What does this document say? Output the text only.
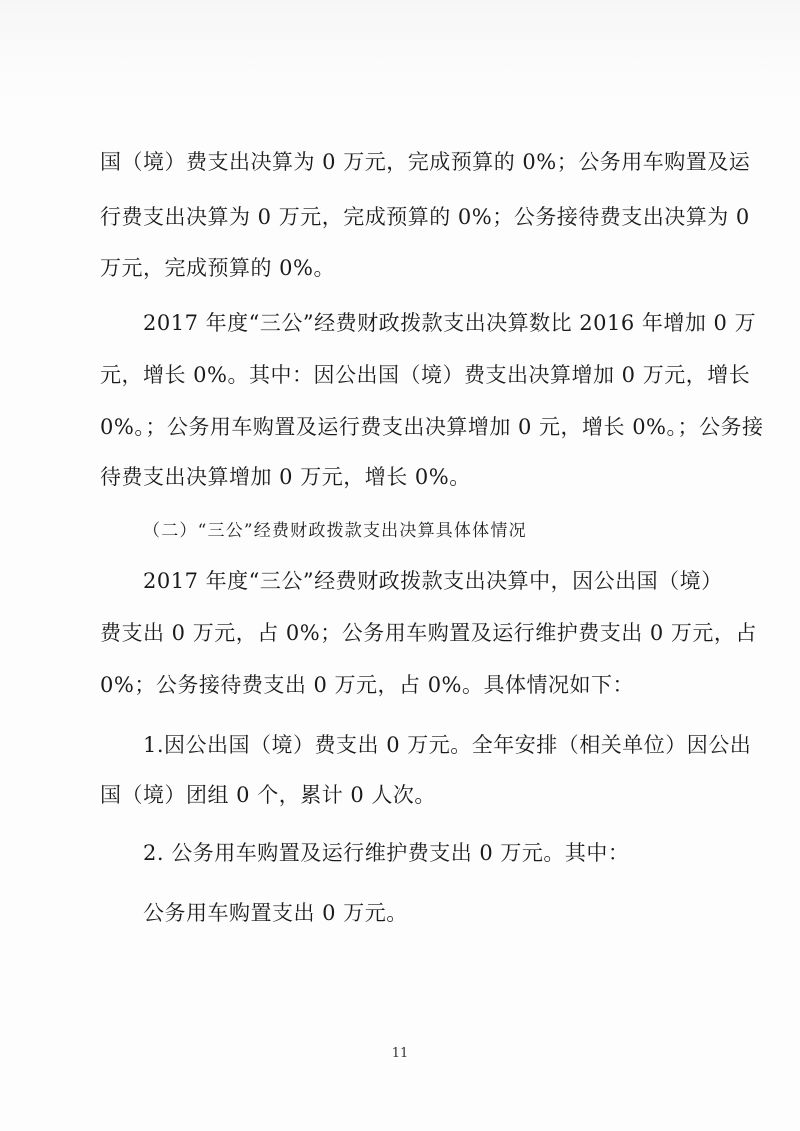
国（境）费支出决算为 0 万元，完成预算的 0%；公务用车购置及运
行费支出决算为 0 万元，完成预算的 0%；公务接待费支出决算为 0
万元，完成预算的 0%。
2017 年度“三公”经费财政拨款支出决算数比 2016 年增加 0 万
元，增长 0%。其中：因公出国（境）费支出决算增加 0 万元，增长
0%。；公务用车购置及运行费支出决算增加 0 元，增长 0%。；公务接
待费支出决算增加 0 万元，增长 0%。
（二）“三公”经费财政拨款支出决算具体体情况
2017 年度“三公”经费财政拨款支出决算中，因公出国（境）
费支出 0 万元，占 0%；公务用车购置及运行维护费支出 0 万元，占
0%；公务接待费支出 0 万元，占 0%。具体情况如下：
1.因公出国（境）费支出 0 万元。全年安排（相关单位）因公出
国（境）团组 0 个，累计 0 人次。
2. 公务用车购置及运行维护费支出 0 万元。其中：
公务用车购置支出 0 万元。
11
